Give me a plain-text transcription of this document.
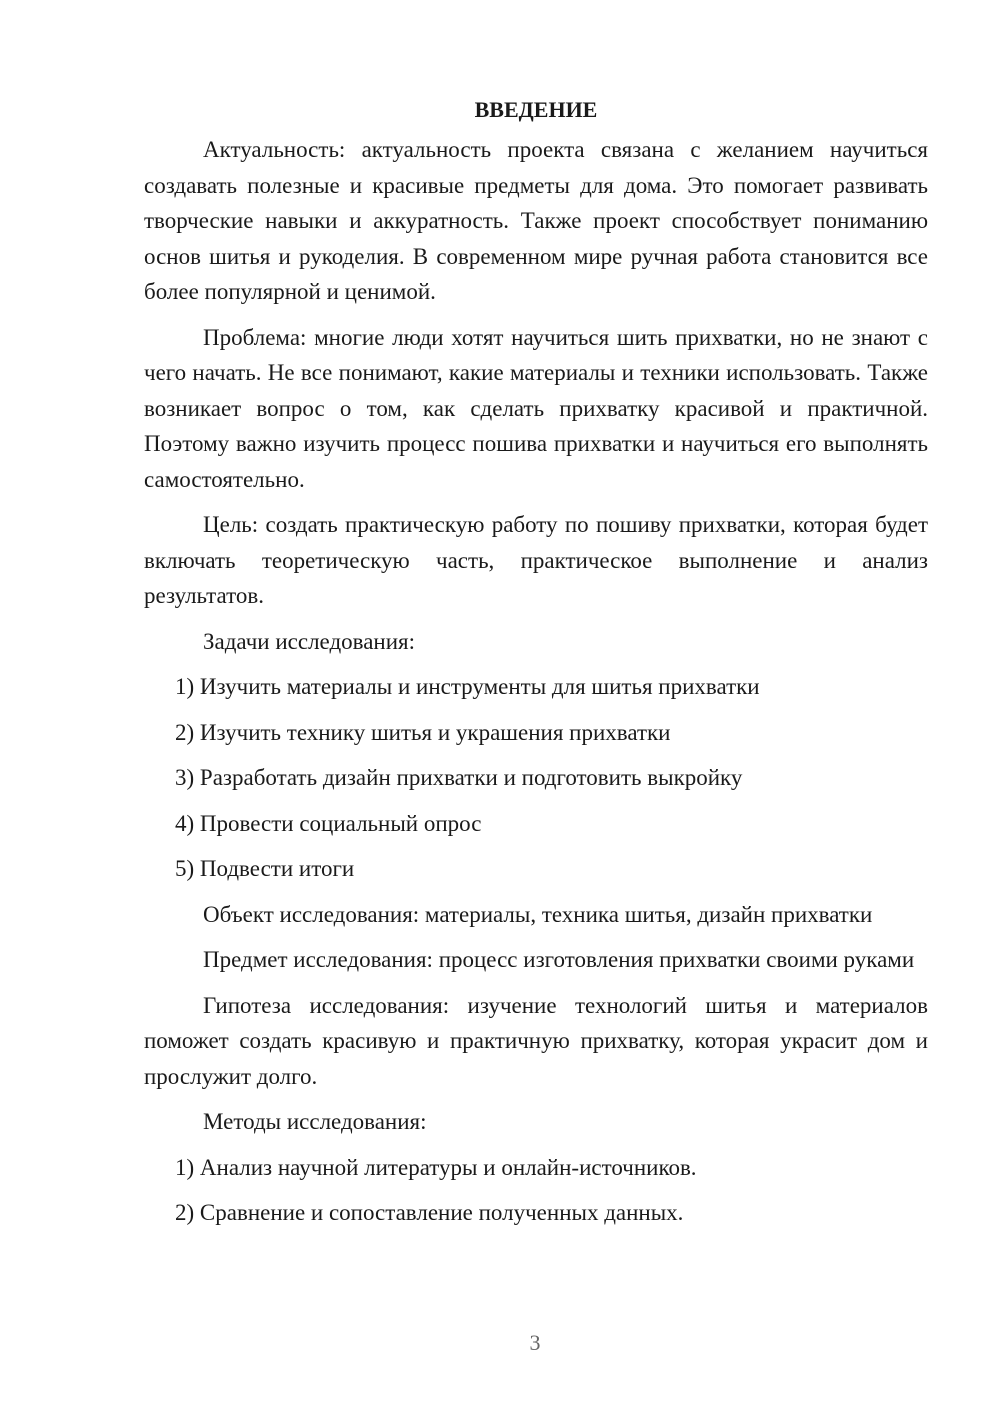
ВВЕДЕНИЕ

Актуальность: актуальность проекта связана с желанием научиться создавать полезные и красивые предметы для дома. Это помогает развивать творческие навыки и аккуратность. Также проект способствует пониманию основ шитья и рукоделия. В современном мире ручная работа становится все более популярной и ценимой.

Проблема: многие люди хотят научиться шить прихватки, но не знают с чего начать. Не все понимают, какие материалы и техники использовать. Также возникает вопрос о том, как сделать прихватку красивой и практичной. Поэтому важно изучить процесс пошива прихватки и научиться его выполнять самостоятельно.

Цель: создать практическую работу по пошиву прихватки, которая будет включать теоретическую часть, практическое выполнение и анализ результатов.

Задачи исследования:

1) Изучить материалы и инструменты для шитья прихватки
2) Изучить технику шитья и украшения прихватки
3) Разработать дизайн прихватки и подготовить выкройку
4) Провести социальный опрос
5) Подвести итоги

Объект исследования: материалы, техника шитья, дизайн прихватки

Предмет исследования: процесс изготовления прихватки своими руками

Гипотеза исследования: изучение технологий шитья и материалов поможет создать красивую и практичную прихватку, которая украсит дом и прослужит долго.

Методы исследования:

1) Анализ научной литературы и онлайн-источников.
2) Сравнение и сопоставление полученных данных.
3
